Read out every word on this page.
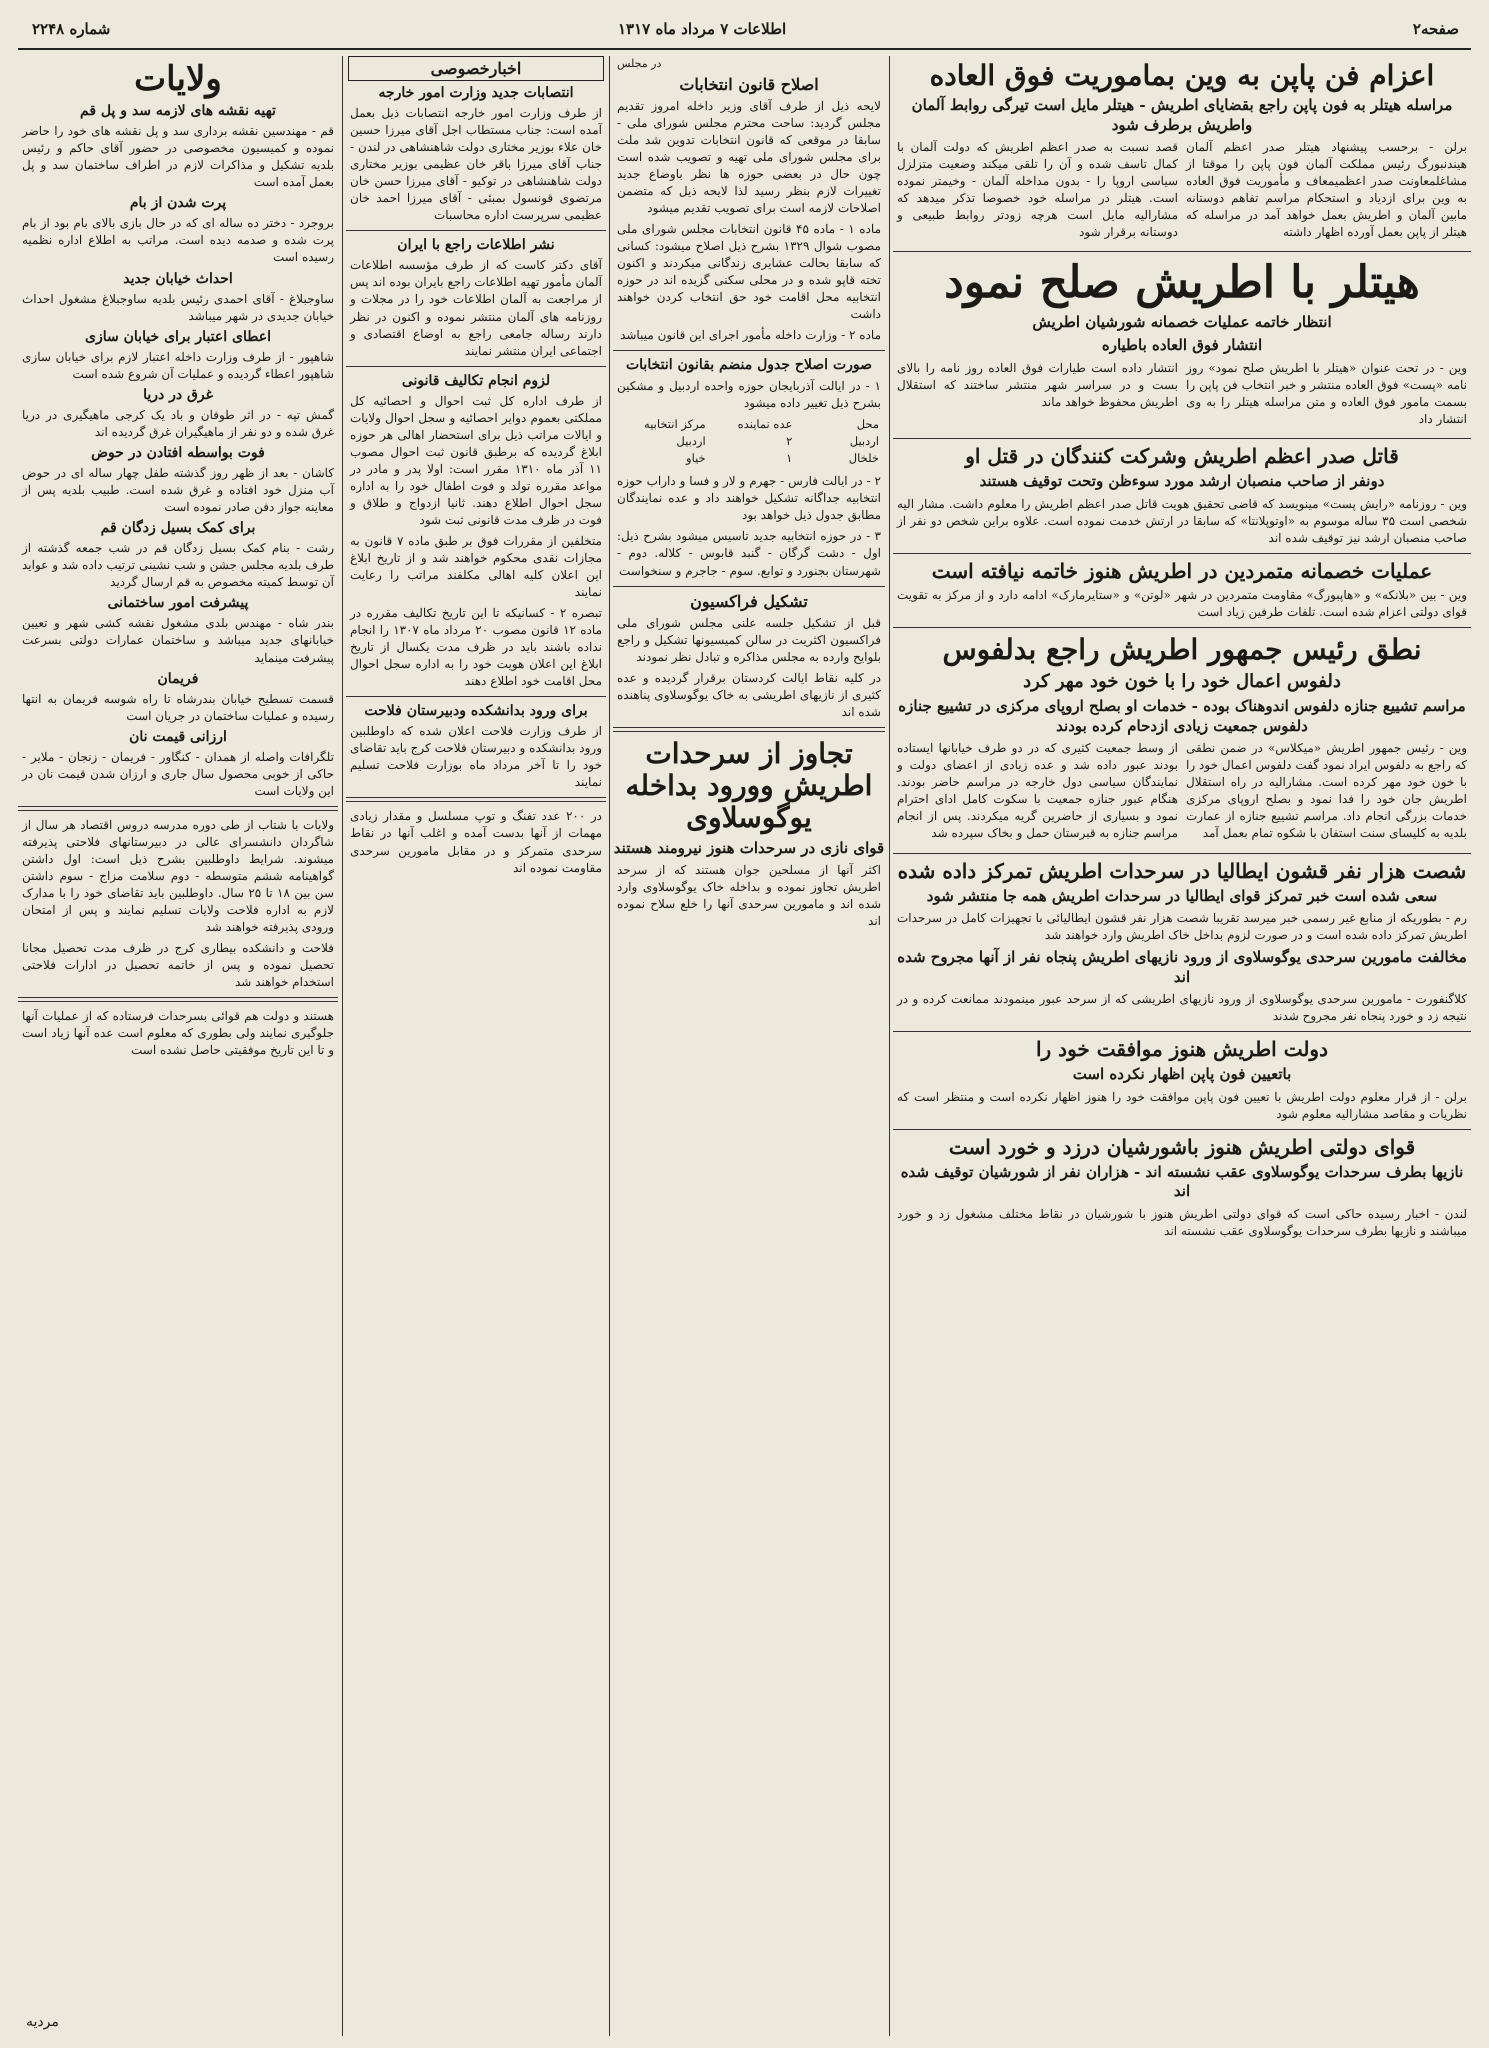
صفحه۲
اطلاعات ۷ مرداد ماه ۱۳۱۷
شماره ۲۲۴۸
اعزام فن پاپن به وین بماموریت فوق العاده
مراسله هیتلر به فون پاپن راجع بقضایای اطریش - هیتلر مایل است تیرگی روابط آلمان واطریش برطرف شود
برلن - برحسب پیشنهاد هیتلر صدر اعظم آلمان هیندنبورگ رئیس مملکت آلمان فون پاپن را موقتا از مشاغلمعاونت صدر اعظمیمعاف و مأموریت فوق العاده به وین برای ازدیاد و استحکام مراسم تفاهم دوستانه مابین آلمان و اطریش بعمل خواهد آمد در مراسله که هیتلر از پاپن بعمل آورده اظهار داشته
قصد نسبت به صدر اعظم اطریش که دولت آلمان با کمال تاسف شده و آن را تلقی میکند وضعیت متزلزل سیاسی اروپا را - بدون مداخله آلمان - وخیمتر نموده است. هیتلر در مراسله خود خصوصا تذکر میدهد که مشارالیه مایل است هرچه زودتر روابط طبیعی و دوستانه برقرار شود
هیتلر با اطریش صلح نمود
انتظار خاتمه عملیات خصمانه شورشیان اطریش
انتشار فوق العاده باطیاره
وین - در تحت عنوان «هیتلر با اطریش صلح نمود» روز نامه «پست» فوق العاده منتشر و خبر انتخاب فن پاپن را بسمت مامور فوق العاده و متن مراسله هیتلر را به وی انتشار داد
انتشار داده است طیارات فوق العاده روز نامه را بالای بست و در سراسر شهر منتشر ساختند که استقلال اطریش محفوظ خواهد ماند
قاتل صدر اعظم اطریش وشرکت کنندگان در قتل او
دونفر از صاحب منصبان ارشد مورد سوءظن وتحت توقیف هستند
وین - روزنامه «رایش پست» مینویسد که قاضی تحقیق هویت قاتل صدر اعظم اطریش را معلوم داشت. مشار الیه شخصی است ۳۵ ساله موسوم به «اوتوپلانتا» که سابقا در ارتش خدمت نموده است. علاوه براین شخص دو نفر از صاحب منصبان ارشد نیز توقیف شده اند
عملیات خصمانه متمردین در اطریش هنوز خاتمه نیافته است
وین - بین «بلانکه» و «هاپبورگ» مقاومت متمردین در شهر «لوتن» و «ستایرمارک» ادامه دارد و از مرکز به تقویت قوای دولتی اعزام شده است. تلفات طرفین زیاد است
نطق رئیس جمهور اطریش راجع بدلفوس
دلفوس اعمال خود را با خون خود مهر کرد
مراسم تشییع جنازه دلفوس اندوهناک بوده - خدمات او بصلح اروپای مرکزی در تشییع جنازه دلفوس جمعیت زیادی ازدحام کرده بودند
وین - رئیس جمهور اطریش «میکلاس» در ضمن نطقی که راجع به دلفوس ایراد نمود گفت دلفوس اعمال خود را با خون خود مهر کرده است. مشارالیه در راه استقلال اطریش جان خود را فدا نمود و بصلح اروپای مرکزی خدمات بزرگی انجام داد. مراسم تشییع جنازه از عمارت بلدیه به کلیسای سنت استفان با شکوه تمام بعمل آمد
از وسط جمعیت کثیری که در دو طرف خیابانها ایستاده بودند عبور داده شد و عده زیادی از اعضای دولت و نمایندگان سیاسی دول خارجه در مراسم حاضر بودند. هنگام عبور جنازه جمعیت با سکوت کامل ادای احترام نمود و بسیاری از حاضرین گریه میکردند. پس از انجام مراسم جنازه به قبرستان حمل و بخاک سپرده شد
شصت هزار نفر قشون ایطالیا در سرحدات اطریش تمرکز داده شده
سعی شده است خبر تمرکز قوای ایطالیا در سرحدات اطریش همه جا منتشر شود
رم - بطوریکه از منابع غیر رسمی خبر میرسد تقریبا شصت هزار نفر قشون ایطالیائی با تجهیزات کامل در سرحدات اطریش تمرکز داده شده است و در صورت لزوم بداخل خاک اطریش وارد خواهند شد
مخالفت مامورین سرحدی یوگوسلاوی از ورود نازیهای اطریش پنجاه نفر از آنها مجروح شده اند
کلاگنفورت - مامورین سرحدی یوگوسلاوی از ورود نازیهای اطریشی که از سرحد عبور مینمودند ممانعت کرده و در نتیجه زد و خورد پنجاه نفر مجروح شدند
دولت اطریش هنوز موافقت خود را
باتعیین فون پاپن اظهار نکرده است
برلن - از قرار معلوم دولت اطریش با تعیین فون پاپن موافقت خود را هنوز اظهار نکرده است و منتظر است که نظریات و مقاصد مشارالیه معلوم شود
قوای دولتی اطریش هنوز باشورشیان درزد و خورد است
نازیها بطرف سرحدات یوگوسلاوی عقب نشسته اند - هزاران نفر از شورشیان توقیف شده اند
لندن - اخبار رسیده حاکی است که قوای دولتی اطریش هنوز با شورشیان در نقاط مختلف مشغول زد و خورد میباشند و نازیها بطرف سرحدات یوگوسلاوی عقب نشسته اند
در مجلس
اصلاح قانون انتخابات
لایحه ذیل از طرف آقای وزیر داخله امروز تقدیم مجلس گردید: ساحت محترم مجلس شورای ملی - سابقا در موقعی که قانون انتخابات تدوین شد ملت برای مجلس شورای ملی تهیه و تصویب شده است چون حال در بعضی حوزه ها نظر باوضاع جدید تغییرات لازم بنظر رسید لذا لایحه ذیل که متضمن اصلاحات لازمه است برای تصویب تقدیم میشود
ماده ۱ - ماده ۴۵ قانون انتخابات مجلس شورای ملی مصوب شوال ۱۳۲۹ بشرح ذیل اصلاح میشود: کسانی که سابقا بحالت عشایری زندگانی میکردند و اکنون تخته قاپو شده و در محلی سکنی گزیده اند در حوزه انتخابیه محل اقامت خود حق انتخاب کردن خواهند داشت
ماده ۲ - وزارت داخله مأمور اجرای این قانون میباشد
صورت اصلاح جدول منضم بقانون انتخابات
۱ - در ایالت آذربایجان حوزه واحده اردبیل و مشکین بشرح ذیل تغییر داده میشود
محل
عده نماینده
مرکز انتخابیه
اردبیل
۲
اردبیل
خلخال
۱
خیاو
۲ - در ایالت فارس - جهرم و لار و فسا و داراب حوزه انتخابیه جداگانه تشکیل خواهند داد و عده نمایندگان مطابق جدول ذیل خواهد بود
۳ - در حوزه انتخابیه جدید تاسیس میشود بشرح ذیل: اول - دشت گرگان - گنبد قابوس - کلاله. دوم - شهرستان بجنورد و توابع. سوم - جاجرم و سنخواست
تشکیل فراکسیون
قبل از تشکیل جلسه علنی مجلس شورای ملی فراکسیون اکثریت در سالن کمیسیونها تشکیل و راجع بلوایح وارده به مجلس مذاکره و تبادل نظر نمودند
در کلیه نقاط ایالت کردستان برقرار گردیده و عده کثیری از نازیهای اطریشی به خاک یوگوسلاوی پناهنده شده اند
تجاوز از سرحدات اطریش وورود بداخله یوگوسلاوی
قوای نازی در سرحدات هنوز نیرومند هستند
اکثر آنها از مسلحین جوان هستند که از سرحد اطریش تجاوز نموده و بداخله خاک یوگوسلاوی وارد شده اند و مامورین سرحدی آنها را خلع سلاح نموده اند
اخبارخصوصی
انتصابات جدید وزارت امور خارجه
از طرف وزارت امور خارجه انتصابات ذیل بعمل آمده است: جناب مستطاب اجل آقای میرزا حسین خان علاء بوزیر مختاری دولت شاهنشاهی در لندن - جناب آقای میرزا باقر خان عظیمی بوزیر مختاری دولت شاهنشاهی در توکیو - آقای میرزا حسن خان مرتضوی قونسول بمبئی - آقای میرزا احمد خان عظیمی سرپرست اداره محاسبات
نشر اطلاعات راجع با ایران
آقای دکتر کاست که از طرف مؤسسه اطلاعات آلمان مأمور تهیه اطلاعات راجع بایران بوده اند پس از مراجعت به آلمان اطلاعات خود را در مجلات و روزنامه های آلمان منتشر نموده و اکنون در نظر دارند رساله جامعی راجع به اوضاع اقتصادی و اجتماعی ایران منتشر نمایند
لزوم انجام تکالیف قانونی
از طرف اداره کل ثبت احوال و احصائیه کل مملکتی بعموم دوایر احصائیه و سجل احوال ولایات و ایالات مراتب ذیل برای استحضار اهالی هر حوزه ابلاغ گردیده که برطبق قانون ثبت احوال مصوب ۱۱ آذر ماه ۱۳۱۰ مقرر است: اولا پدر و مادر در مواعد مقرره تولد و فوت اطفال خود را به اداره سجل احوال اطلاع دهند. ثانیا ازدواج و طلاق و فوت در ظرف مدت قانونی ثبت شود
متخلفین از مقررات فوق بر طبق ماده ۷ قانون به مجازات نقدی محکوم خواهند شد و از تاریخ ابلاغ این اعلان کلیه اهالی مکلفند مراتب را رعایت نمایند
تبصره ۲ - کسانیکه تا این تاریخ تکالیف مقرره در ماده ۱۲ قانون مصوب ۲۰ مرداد ماه ۱۳۰۷ را انجام نداده باشند باید در ظرف مدت یکسال از تاریخ ابلاغ این اعلان هویت خود را به اداره سجل احوال محل اقامت خود اطلاع دهند
برای ورود بدانشکده ودبیرستان فلاحت
از طرف وزارت فلاحت اعلان شده که داوطلبین ورود بدانشکده و دبیرستان فلاحت کرج باید تقاضای خود را تا آخر مرداد ماه بوزارت فلاحت تسلیم نمایند
در ۲۰۰ عدد تفنگ و توپ مسلسل و مقدار زیادی مهمات از آنها بدست آمده و اغلب آنها در نقاط سرحدی متمرکز و در مقابل مامورین سرحدی مقاومت نموده اند
ولایات
تهیه نقشه های لازمه سد و پل قم
قم - مهندسین نقشه برداری سد و پل نقشه های خود را حاضر نموده و کمیسیون مخصوصی در حضور آقای حاکم و رئیس بلدیه تشکیل و مذاکرات لازم در اطراف ساختمان سد و پل بعمل آمده است
پرت شدن از بام
بروجرد - دختر ده ساله ای که در حال بازی بالای بام بود از بام پرت شده و صدمه دیده است. مراتب به اطلاع اداره نظمیه رسیده است
احداث خیابان جدید
ساوجبلاغ - آقای احمدی رئیس بلدیه ساوجبلاغ مشغول احداث خیابان جدیدی در شهر میباشد
اعطای اعتبار برای خیابان سازی
شاهپور - از طرف وزارت داخله اعتبار لازم برای خیابان سازی شاهپور اعطاء گردیده و عملیات آن شروع شده است
غرق در دریا
گمش تپه - در اثر طوفان و باد یک کرجی ماهیگیری در دریا غرق شده و دو نفر از ماهیگیران غرق گردیده اند
فوت بواسطه افتادن در حوض
کاشان - بعد از ظهر روز گذشته طفل چهار ساله ای در حوض آب منزل خود افتاده و غرق شده است. طبیب بلدیه پس از معاینه جواز دفن صادر نموده است
برای کمک بسیل زدگان قم
رشت - بنام کمک بسیل زدگان قم در شب جمعه گذشته از طرف بلدیه مجلس جشن و شب نشینی ترتیب داده شد و عواید آن توسط کمیته مخصوص به قم ارسال گردید
پیشرفت امور ساختمانی
بندر شاه - مهندس بلدی مشغول نقشه کشی شهر و تعیین خیابانهای جدید میباشد و ساختمان عمارات دولتی بسرعت پیشرفت مینماید
فریمان
قسمت تسطیح خیابان بندرشاه تا راه شوسه فریمان به انتها رسیده و عملیات ساختمان در جریان است
ارزانی قیمت نان
تلگرافات واصله از همدان - کنگاور - فریمان - زنجان - ملایر - حاکی از خوبی محصول سال جاری و ارزان شدن قیمت نان در این ولایات است
ولایات با شتاب از طی دوره مدرسه دروس اقتصاد هر سال از شاگردان دانشسرای عالی در دبیرستانهای فلاحتی پذیرفته میشوند. شرایط داوطلبین بشرح ذیل است: اول داشتن گواهینامه ششم متوسطه - دوم سلامت مزاج - سوم داشتن سن بین ۱۸ تا ۲۵ سال. داوطلبین باید تقاضای خود را با مدارک لازم به اداره فلاحت ولایات تسلیم نمایند و پس از امتحان ورودی پذیرفته خواهند شد
فلاحت و دانشکده بیطاری کرج در ظرف مدت تحصیل مجانا تحصیل نموده و پس از خاتمه تحصیل در ادارات فلاحتی استخدام خواهند شد
هستند و دولت هم قوائی بسرحدات فرستاده که از عملیات آنها جلوگیری نمایند ولی بطوری که معلوم است عده آنها زیاد است و تا این تاریخ موفقیتی حاصل نشده است
مردیه
